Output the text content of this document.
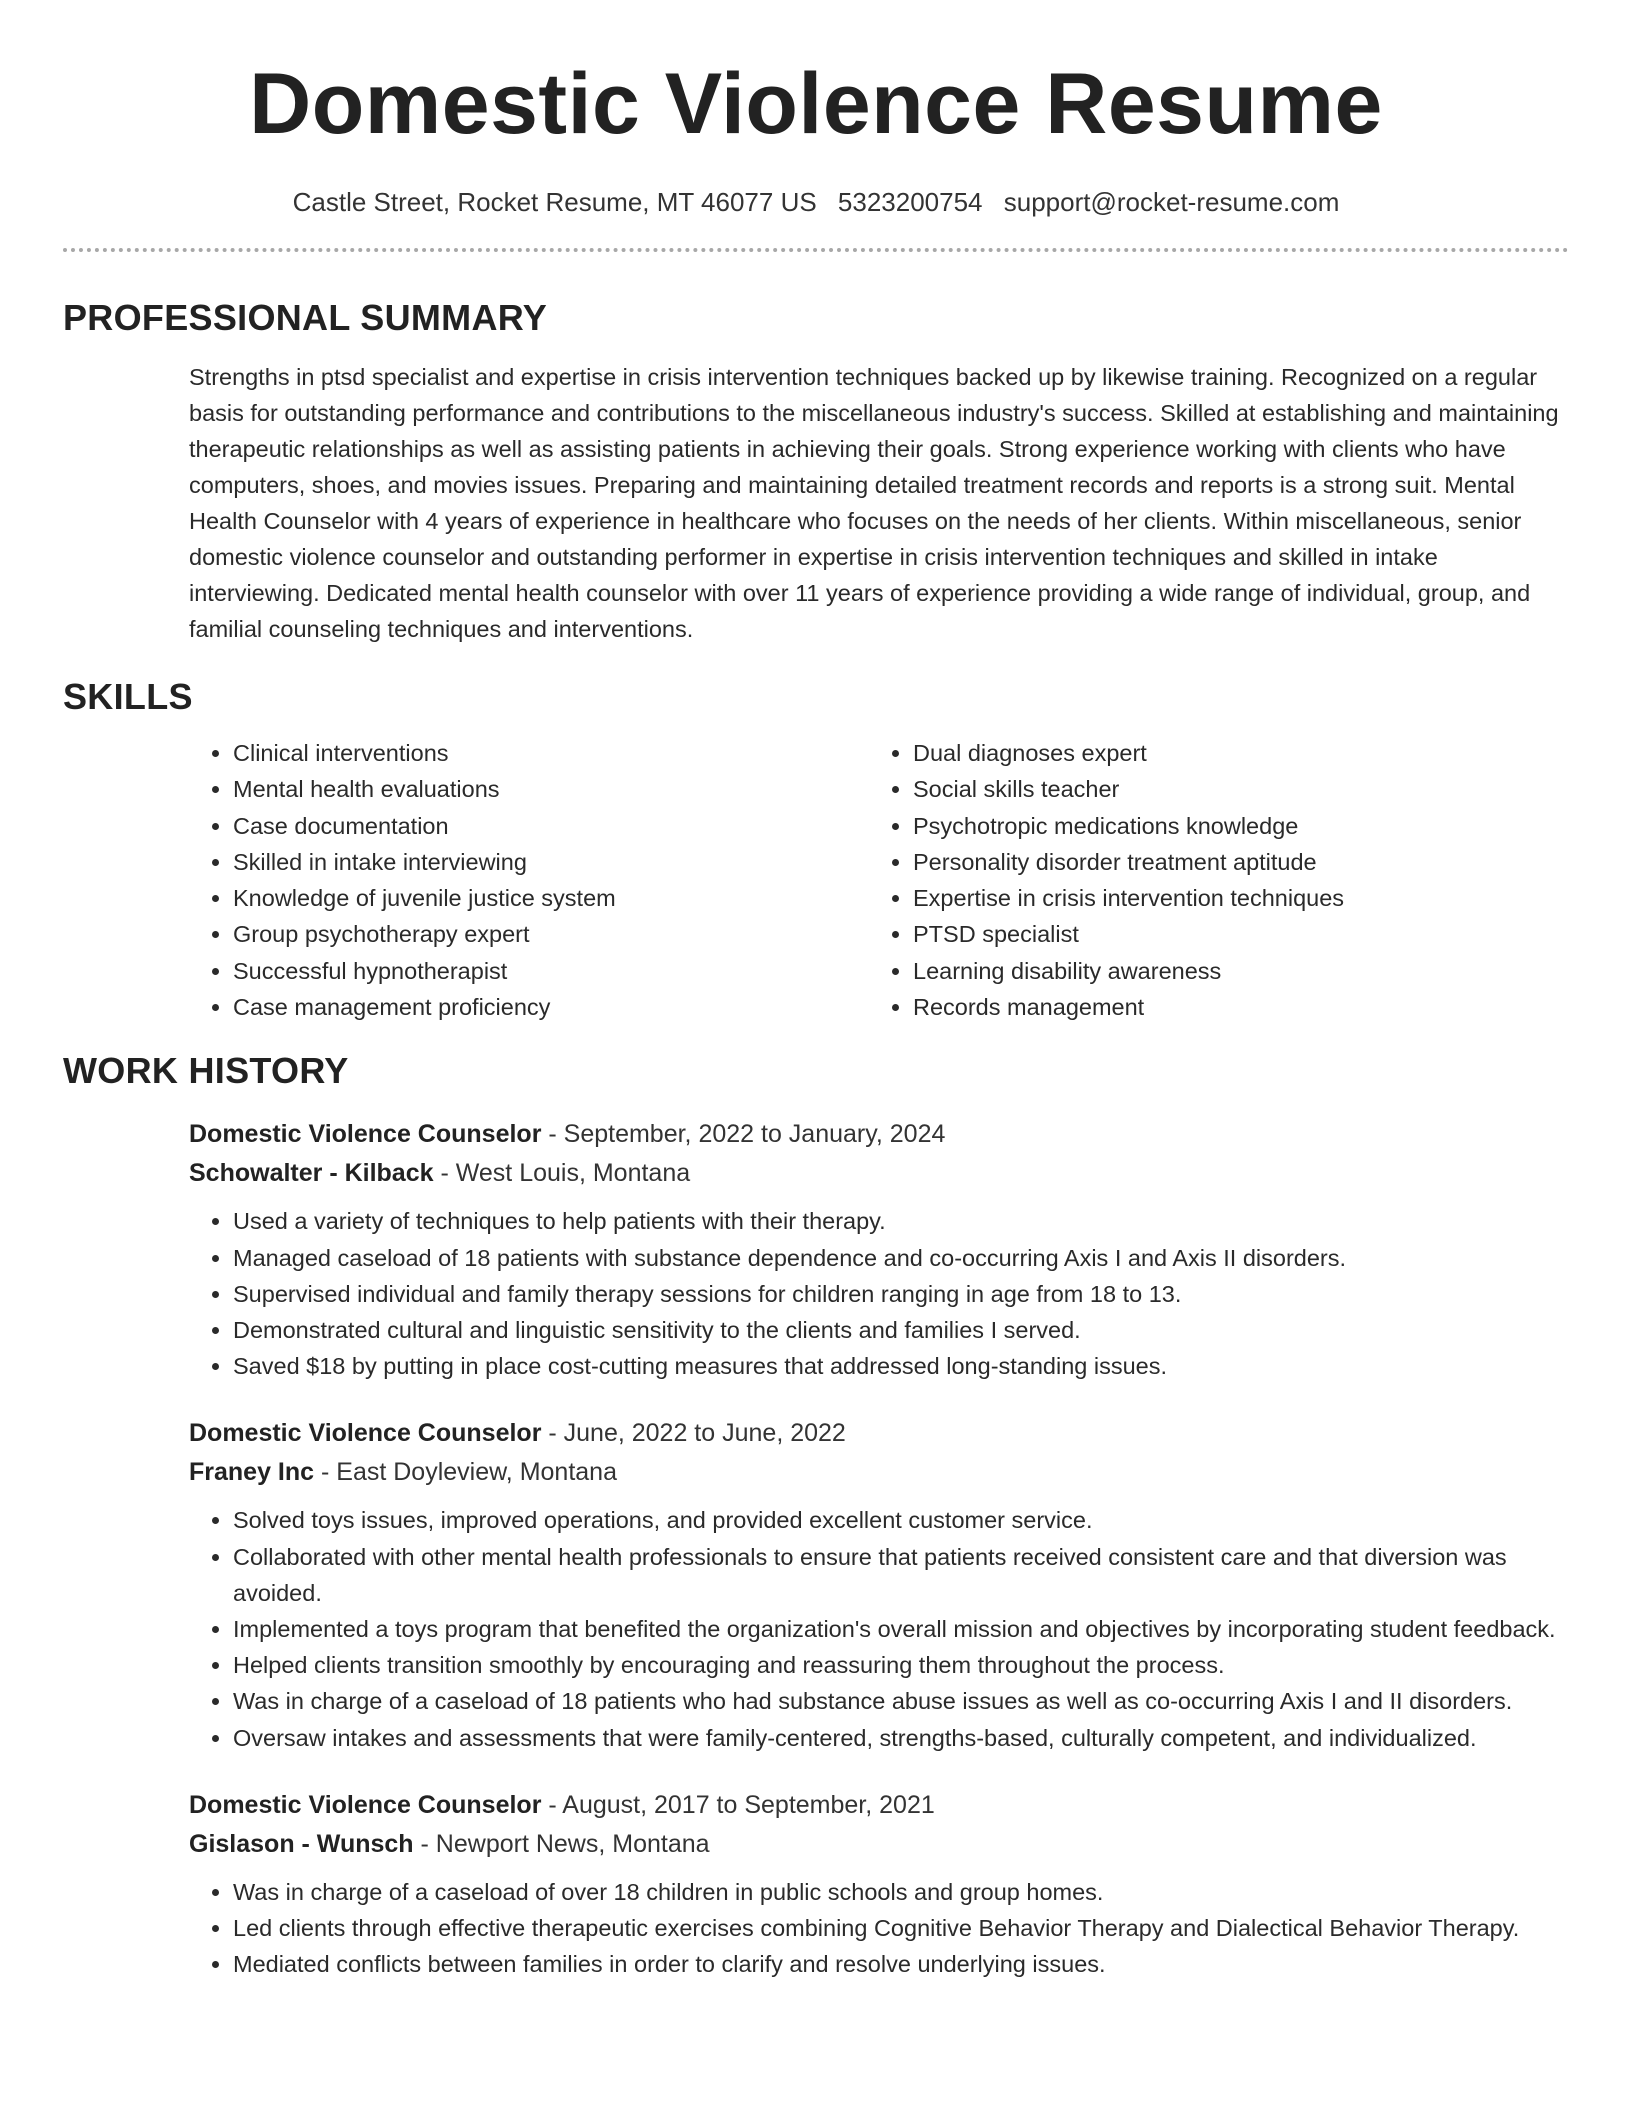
Domestic Violence Resume
Castle Street, Rocket Resume, MT 46077 US 5323200754 support@rocket-resume.com
PROFESSIONAL SUMMARY

Strengths in ptsd specialist and expertise in crisis intervention techniques backed up by likewise training. Recognized on a regular basis for outstanding performance and contributions to the miscellaneous industry's success. Skilled at establishing and maintaining therapeutic relationships as well as assisting patients in achieving their goals. Strong experience working with clients who have computers, shoes, and movies issues. Preparing and maintaining detailed treatment records and reports is a strong suit. Mental Health Counselor with 4 years of experience in healthcare who focuses on the needs of her clients. Within miscellaneous, senior domestic violence counselor and outstanding performer in expertise in crisis intervention techniques and skilled in intake interviewing. Dedicated mental health counselor with over 11 years of experience providing a wide range of individual, group, and familial counseling techniques and interventions.

SKILLS
• Clinical interventions
• Mental health evaluations
• Case documentation
• Skilled in intake interviewing
• Knowledge of juvenile justice system
• Group psychotherapy expert
• Successful hypnotherapist
• Case management proficiency
• Dual diagnoses expert
• Social skills teacher
• Psychotropic medications knowledge
• Personality disorder treatment aptitude
• Expertise in crisis intervention techniques
• PTSD specialist
• Learning disability awareness
• Records management
WORK HISTORY
Domestic Violence Counselor - September, 2022 to January, 2024
Schowalter - Kilback - West Louis, Montana
• Used a variety of techniques to help patients with their therapy.
• Managed caseload of 18 patients with substance dependence and co-occurring Axis I and Axis II disorders.
• Supervised individual and family therapy sessions for children ranging in age from 18 to 13.
• Demonstrated cultural and linguistic sensitivity to the clients and families I served.
• Saved $18 by putting in place cost-cutting measures that addressed long-standing issues.
Domestic Violence Counselor - June, 2022 to June, 2022
Franey Inc - East Doyleview, Montana
• Solved toys issues, improved operations, and provided excellent customer service.
• Collaborated with other mental health professionals to ensure that patients received consistent care and that diversion was avoided.
• Implemented a toys program that benefited the organization's overall mission and objectives by incorporating student feedback.
• Helped clients transition smoothly by encouraging and reassuring them throughout the process.
• Was in charge of a caseload of 18 patients who had substance abuse issues as well as co-occurring Axis I and II disorders.
• Oversaw intakes and assessments that were family-centered, strengths-based, culturally competent, and individualized.
Domestic Violence Counselor - August, 2017 to September, 2021
Gislason - Wunsch - Newport News, Montana
• Was in charge of a caseload of over 18 children in public schools and group homes.
• Led clients through effective therapeutic exercises combining Cognitive Behavior Therapy and Dialectical Behavior Therapy.
• Mediated conflicts between families in order to clarify and resolve underlying issues.
